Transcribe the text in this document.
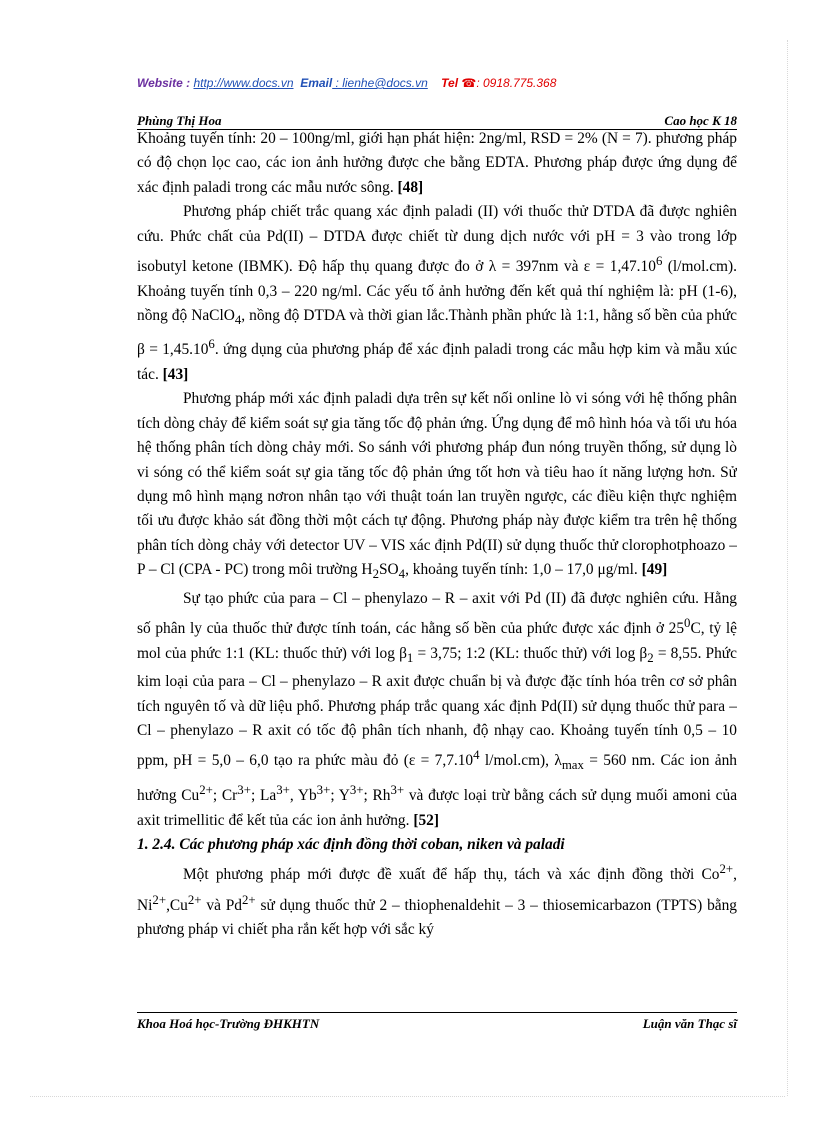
Website : http://www.docs.vn Email : lienhe@docs.vn Tel ☎: 0918.775.368
Phùng Thị Hoa	Cao học K 18

Khoảng tuyến tính: 20 – 100ng/ml, giới hạn phát hiện: 2ng/ml, RSD = 2% (N = 7). phương pháp có độ chọn lọc cao, các ion ảnh hưởng được che bằng EDTA. Phương pháp được ứng dụng để xác định paladi trong các mẫu nước sông. [48]

Phương pháp chiết trắc quang xác định paladi (II) với thuốc thử DTDA đã được nghiên cứu. Phức chất của Pd(II) – DTDA được chiết từ dung dịch nước với pH = 3 vào trong lớp isobutyl ketone (IBMK). Độ hấp thụ quang được đo ở λ = 397nm và $\varepsilon = 1,47.10^6$ (l/mol.cm). Khoảng tuyến tính 0,3 – 220 ng/ml. Các yếu tố ảnh hưởng đến kết quả thí nghiệm là: pH (1-6), nồng độ NaClO$_4$, nồng độ DTDA và thời gian lắc.Thành phần phức là 1:1, hằng số bền của phức $\beta = 1,45.10^6$. ứng dụng của phương pháp để xác định paladi trong các mẫu hợp kim và mẫu xúc tác. [43]

Phương pháp mới xác định paladi dựa trên sự kết nối online lò vi sóng với hệ thống phân tích dòng chảy để kiểm soát sự gia tăng tốc độ phản ứng. Ứng dụng để mô hình hóa và tối ưu hóa hệ thống phân tích dòng chảy mới. So sánh với phương pháp đun nóng truyền thống, sử dụng lò vi sóng có thể kiểm soát sự gia tăng tốc độ phản ứng tốt hơn và tiêu hao ít năng lượng hơn. Sử dụng mô hình mạng nơron nhân tạo với thuật toán lan truyền ngược, các điều kiện thực nghiệm tối ưu được khảo sát đồng thời một cách tự động. Phương pháp này được kiểm tra trên hệ thống phân tích dòng chảy với detector UV – VIS xác định Pd(II) sử dụng thuốc thử clorophotphoazo – P – Cl (CPA - PC) trong môi trường $H_2SO_4$, khoảng tuyến tính: 1,0 – 17,0 μg/ml. [49]

Sự tạo phức của para – Cl – phenylazo – R – axit với Pd (II) đã được nghiên cứu. Hằng số phân ly của thuốc thử được tính toán, các hằng số bền của phức được xác định ở $25^0C$, tỷ lệ mol của phức 1:1 (KL: thuốc thử) với $\log \beta_1 = 3,75$; 1:2 (KL: thuốc thử) với $\log \beta_2 = 8,55$. Phức kim loại của para – Cl – phenylazo – R axit được chuẩn bị và được đặc tính hóa trên cơ sở phân tích nguyên tố và dữ liệu phổ. Phương pháp trắc quang xác định Pd(II) sử dụng thuốc thử para – Cl – phenylazo – R axit có tốc độ phân tích nhanh, độ nhạy cao. Khoảng tuyến tính 0,5 – 10 ppm, pH = 5,0 – 6,0 tạo ra phức màu đỏ ($\varepsilon = 7,7.10^4$ l/mol.cm), $\lambda_{max} = 560$ nm. Các ion ảnh hưởng $Cu^{2+}$; $Cr^{3+}$; $La^{3+}$, $Yb^{3+}$; $Y^{3+}$; $Rh^{3+}$ và được loại trừ bằng cách sử dụng muối amoni của axit trimellitic để kết tủa các ion ảnh hưởng. [52]

1. 2.4. Các phương pháp xác định đồng thời coban, niken và paladi

Một phương pháp mới được đề xuất để hấp thụ, tách và xác định đồng thời $Co^{2+}$, $Ni^{2+},Cu^{2+}$ và $Pd^{2+}$ sử dụng thuốc thử 2 – thiophenaldehit – 3 – thiosemicarbazon (TPTS) bằng phương pháp vi chiết pha rắn kết hợp với sắc ký

Khoa Hoá học-Trường ĐHKHTN	Luận văn Thạc sĩ
